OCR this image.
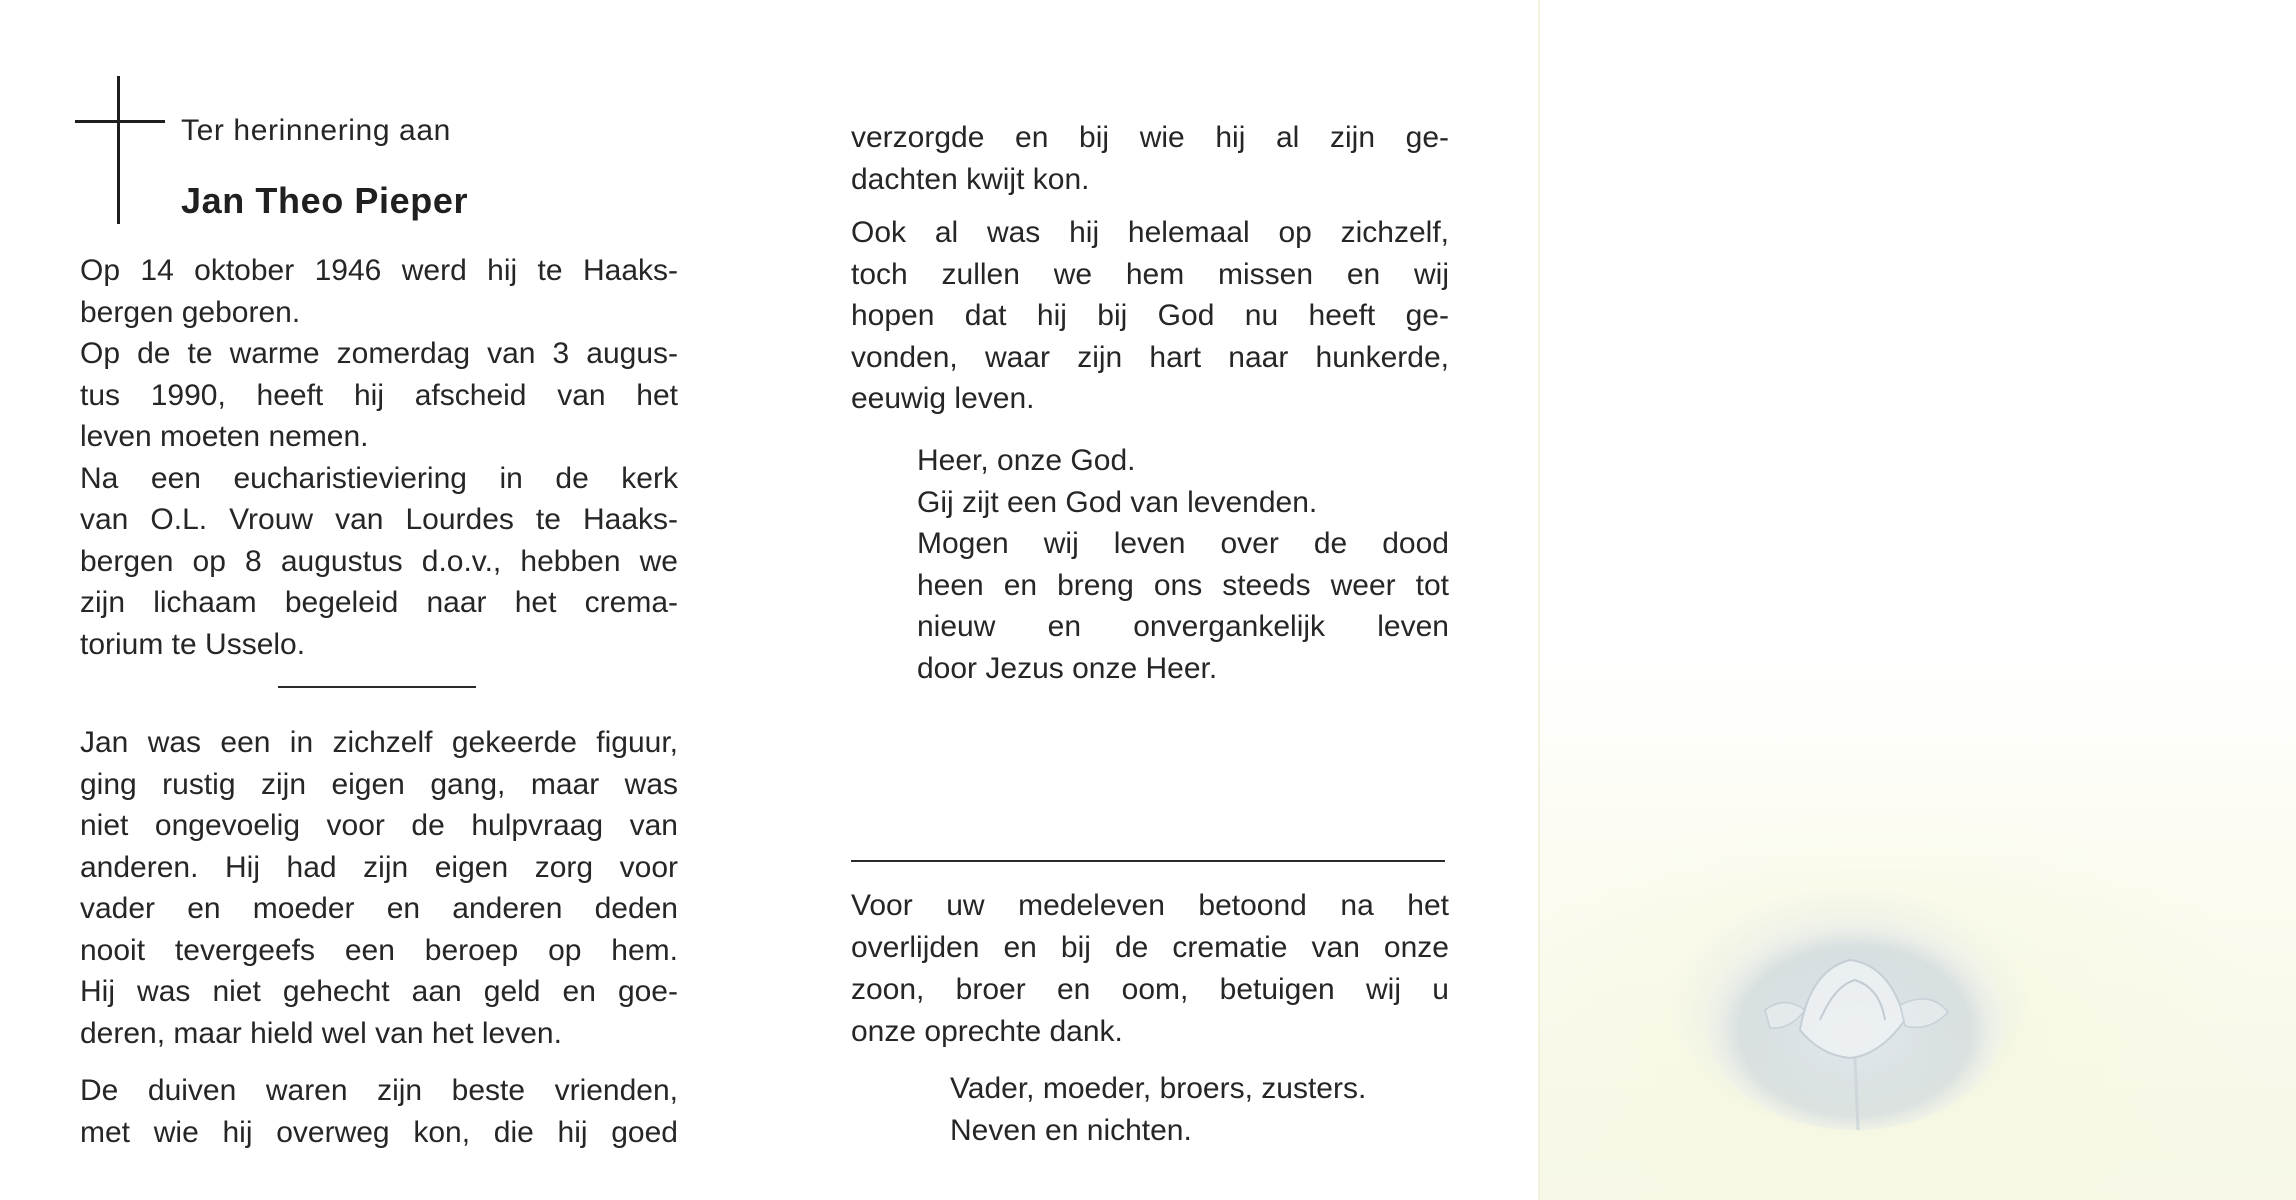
Ter herinnering aan
Jan Theo Pieper

Op 14 oktober 1946 werd hij te Haaks-

bergen geboren.

Op de te warme zomerdag van 3 augus-

tus 1990, heeft hij afscheid van het

leven moeten nemen.

Na een eucharistieviering in de kerk

van O.L. Vrouw van Lourdes te Haaks-

bergen op 8 augustus d.o.v., hebben we

zijn lichaam begeleid naar het crema-

torium te Usselo.

Jan was een in zichzelf gekeerde figuur,

ging rustig zijn eigen gang, maar was

niet ongevoelig voor de hulpvraag van

anderen. Hij had zijn eigen zorg voor

vader en moeder en anderen deden

nooit tevergeefs een beroep op hem.

Hij was niet gehecht aan geld en goe-

deren, maar hield wel van het leven.

De duiven waren zijn beste vrienden,

met wie hij overweg kon, die hij goed

verzorgde en bij wie hij al zijn ge-

dachten kwijt kon.

Ook al was hij helemaal op zichzelf,

toch zullen we hem missen en wij

hopen dat hij bij God nu heeft ge-

vonden, waar zijn hart naar hunkerde,

eeuwig leven.

Heer, onze God.

Gij zijt een God van levenden.

Mogen wij leven over de dood

heen en breng ons steeds weer tot

nieuw en onvergankelijk leven

door Jezus onze Heer.

Voor uw medeleven betoond na het

overlijden en bij de crematie van onze

zoon, broer en oom, betuigen wij u

onze oprechte dank.

Vader, moeder, broers, zusters.

Neven en nichten.
